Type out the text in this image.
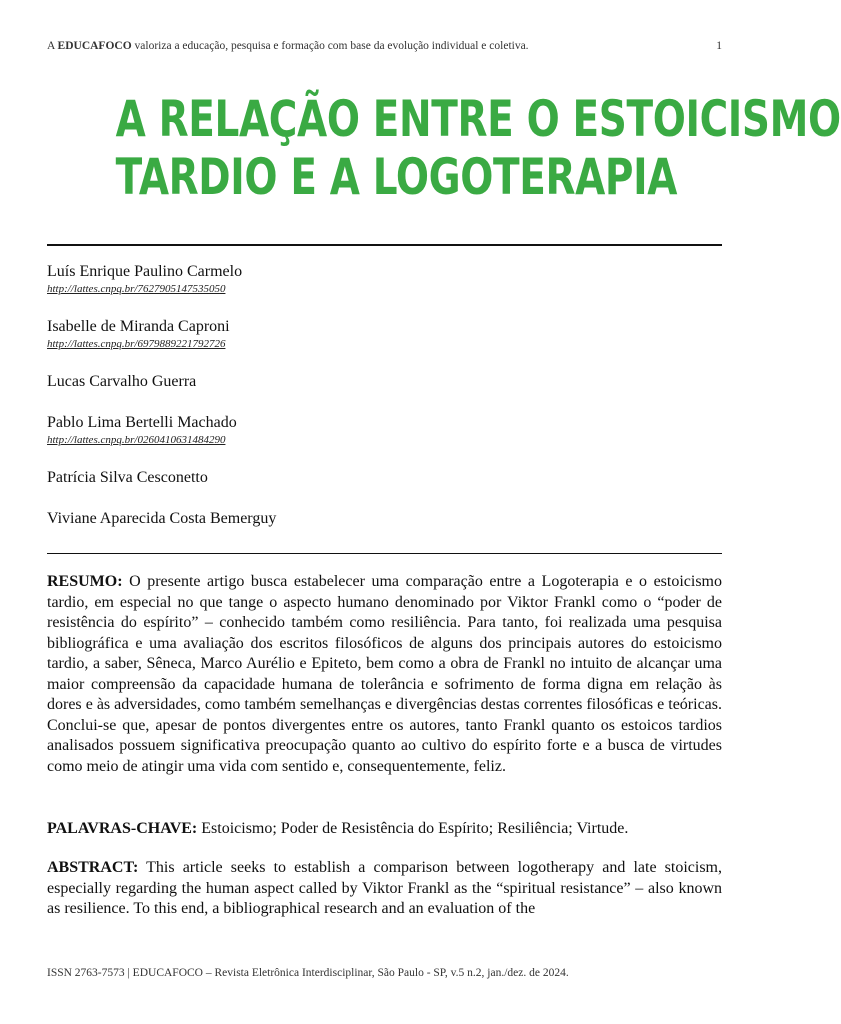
A EDUCAFOCO valoriza a educação, pesquisa e formação com base da evolução individual e coletiva.	1
A RELAÇÃO ENTRE O ESTOICISMO
TARDIO E A LOGOTERAPIA
Luís Enrique Paulino Carmelo
http://lattes.cnpq.br/7627905147535050
Isabelle de Miranda Caproni
http://lattes.cnpq.br/6979889221792726
Lucas Carvalho Guerra
Pablo Lima Bertelli Machado
http://lattes.cnpq.br/0260410631484290
Patrícia Silva Cesconetto
Viviane Aparecida Costa Bemerguy

RESUMO: O presente artigo busca estabelecer uma comparação entre a Logoterapia e o estoicismo tardio, em especial no que tange o aspecto humano denominado por Viktor Frankl como o “poder de resistência do espírito” – conhecido também como resiliência. Para tanto, foi realizada uma pesquisa bibliográfica e uma avaliação dos escritos filosóficos de alguns dos principais autores do estoicismo tardio, a saber, Sêneca, Marco Aurélio e Epiteto, bem como a obra de Frankl no intuito de alcançar uma maior compreensão da capacidade humana de tolerância e sofrimento de forma digna em relação às dores e às adversidades, como também semelhanças e divergências destas correntes filosóficas e teóricas. Conclui-se que, apesar de pontos divergentes entre os autores, tanto Frankl quanto os estoicos tardios analisados possuem significativa preocupação quanto ao cultivo do espírito forte e a busca de virtudes como meio de atingir uma vida com sentido e, consequentemente, feliz.

PALAVRAS-CHAVE: Estoicismo; Poder de Resistência do Espírito; Resiliência; Virtude.

ABSTRACT: This article seeks to establish a comparison between logotherapy and late stoicism, especially regarding the human aspect called by Viktor Frankl as the “spiritual resistance” – also known as resilience. To this end, a bibliographical research and an evaluation of the

ISSN 2763-7573 | EDUCAFOCO – Revista Eletrônica Interdisciplinar, São Paulo - SP, v.5 n.2, jan./dez. de 2024.
